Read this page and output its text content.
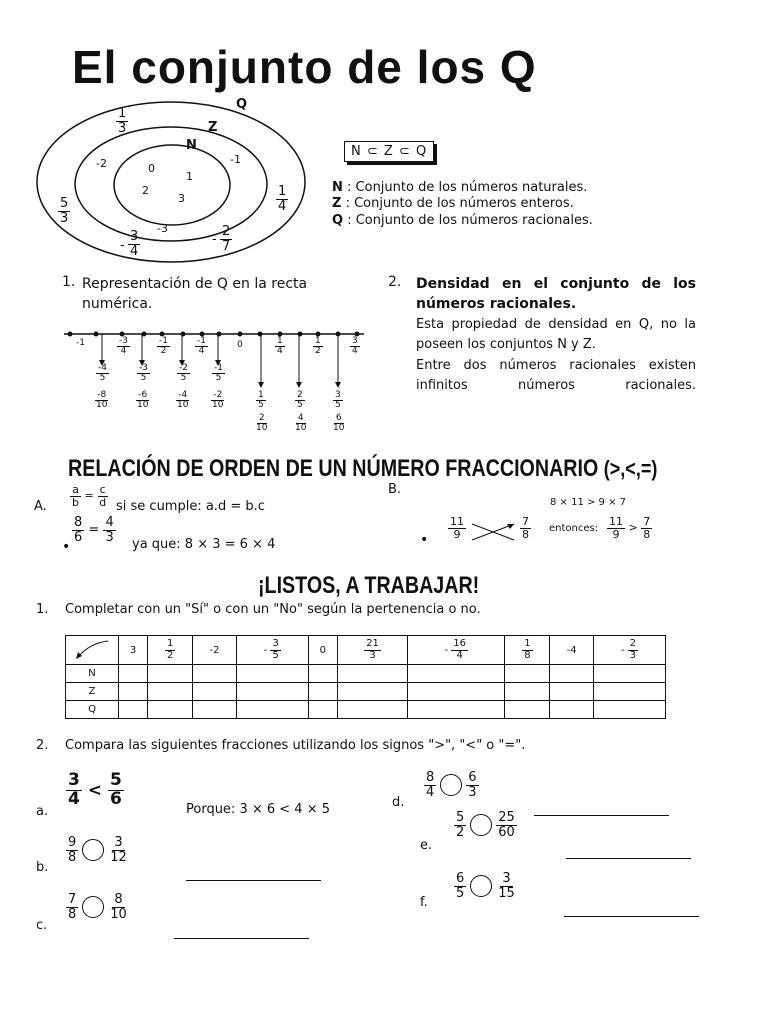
El conjunto de los Q
Q
Z
N
0
1
2
3
-2	-1
-3
$\frac{1}{3}$
$\frac{1}{4}$
$\frac{5}{3}$
- $\frac{3}{4}$	- $\frac{2}{7}$
N ⊂ Z ⊂ Q
N : Conjunto de los números naturales.
Z : Conjunto de los números enteros.
Q : Conjunto de los números racionales.
1. Representación de Q en la recta numérica.
-1	$\frac{-3}{4}$	$\frac{-1}{2}$	$\frac{-1}{4}$	0	$\frac{1}{4}$	$\frac{1}{2}$	$\frac{3}{4}$
$\frac{-4}{5}$
$\frac{-8}{10}$
$\frac{-3}{5}$
$\frac{-6}{10}$
$\frac{-2}{5}$
$\frac{-4}{10}$
$\frac{-1}{5}$
$\frac{-2}{10}$	$\frac{1}{5}$
$\frac{2}{10}$
$\frac{2}{5}$
$\frac{4}{10}$
$\frac{3}{5}$
$\frac{6}{10}$
2. Densidad en el conjunto de los números racionales.
Esta propiedad de densidad en Q, no la poseen los conjuntos N y Z.
Entre dos números racionales existen infinitos números racionales.
RELACIÓN DE ORDEN DE UN NÚMERO FRACCIONARIO (>,<,=)
A. $\frac{a}{b} = \frac{c}{d}$ si se cumple: a.d = b.c
•
$\frac{8}{6} = \frac{4}{3}$
ya que: 8 × 3 = 6 × 4
B.
8 × 11 > 9 × 7
• $\frac{11}{9}$	$\frac{7}{8}$ entonces: $\frac{11}{9} > \frac{7}{8}$
¡LISTOS, A TRABAJAR!
1. Completar con un "Sí" o con un "No" según la pertenencia o no.
	3	$\frac{1}{2}$	-2	- $\frac{3}{5}$	0	$\frac{21}{3}$	- $\frac{16}{4}$	$\frac{1}{8}$	-4	- $\frac{2}{3}$

N										
Z										
Q										
2. Compara las siguientes fracciones utilizando los signos ">", "<" o "=".
a.
$\frac{3}{4} < \frac{5}{6}$
Porque: 3 × 6 < 4 × 5
b.
$\frac{9}{8} \frac{3}{12}$
c.
$\frac{7}{8} \frac{8}{10}$
d.
$\frac{8}{4} \frac{6}{3}$
e.
$\frac{5}{2} \frac{25}{60}$
f.
$\frac{6}{5} \frac{3}{15}$
